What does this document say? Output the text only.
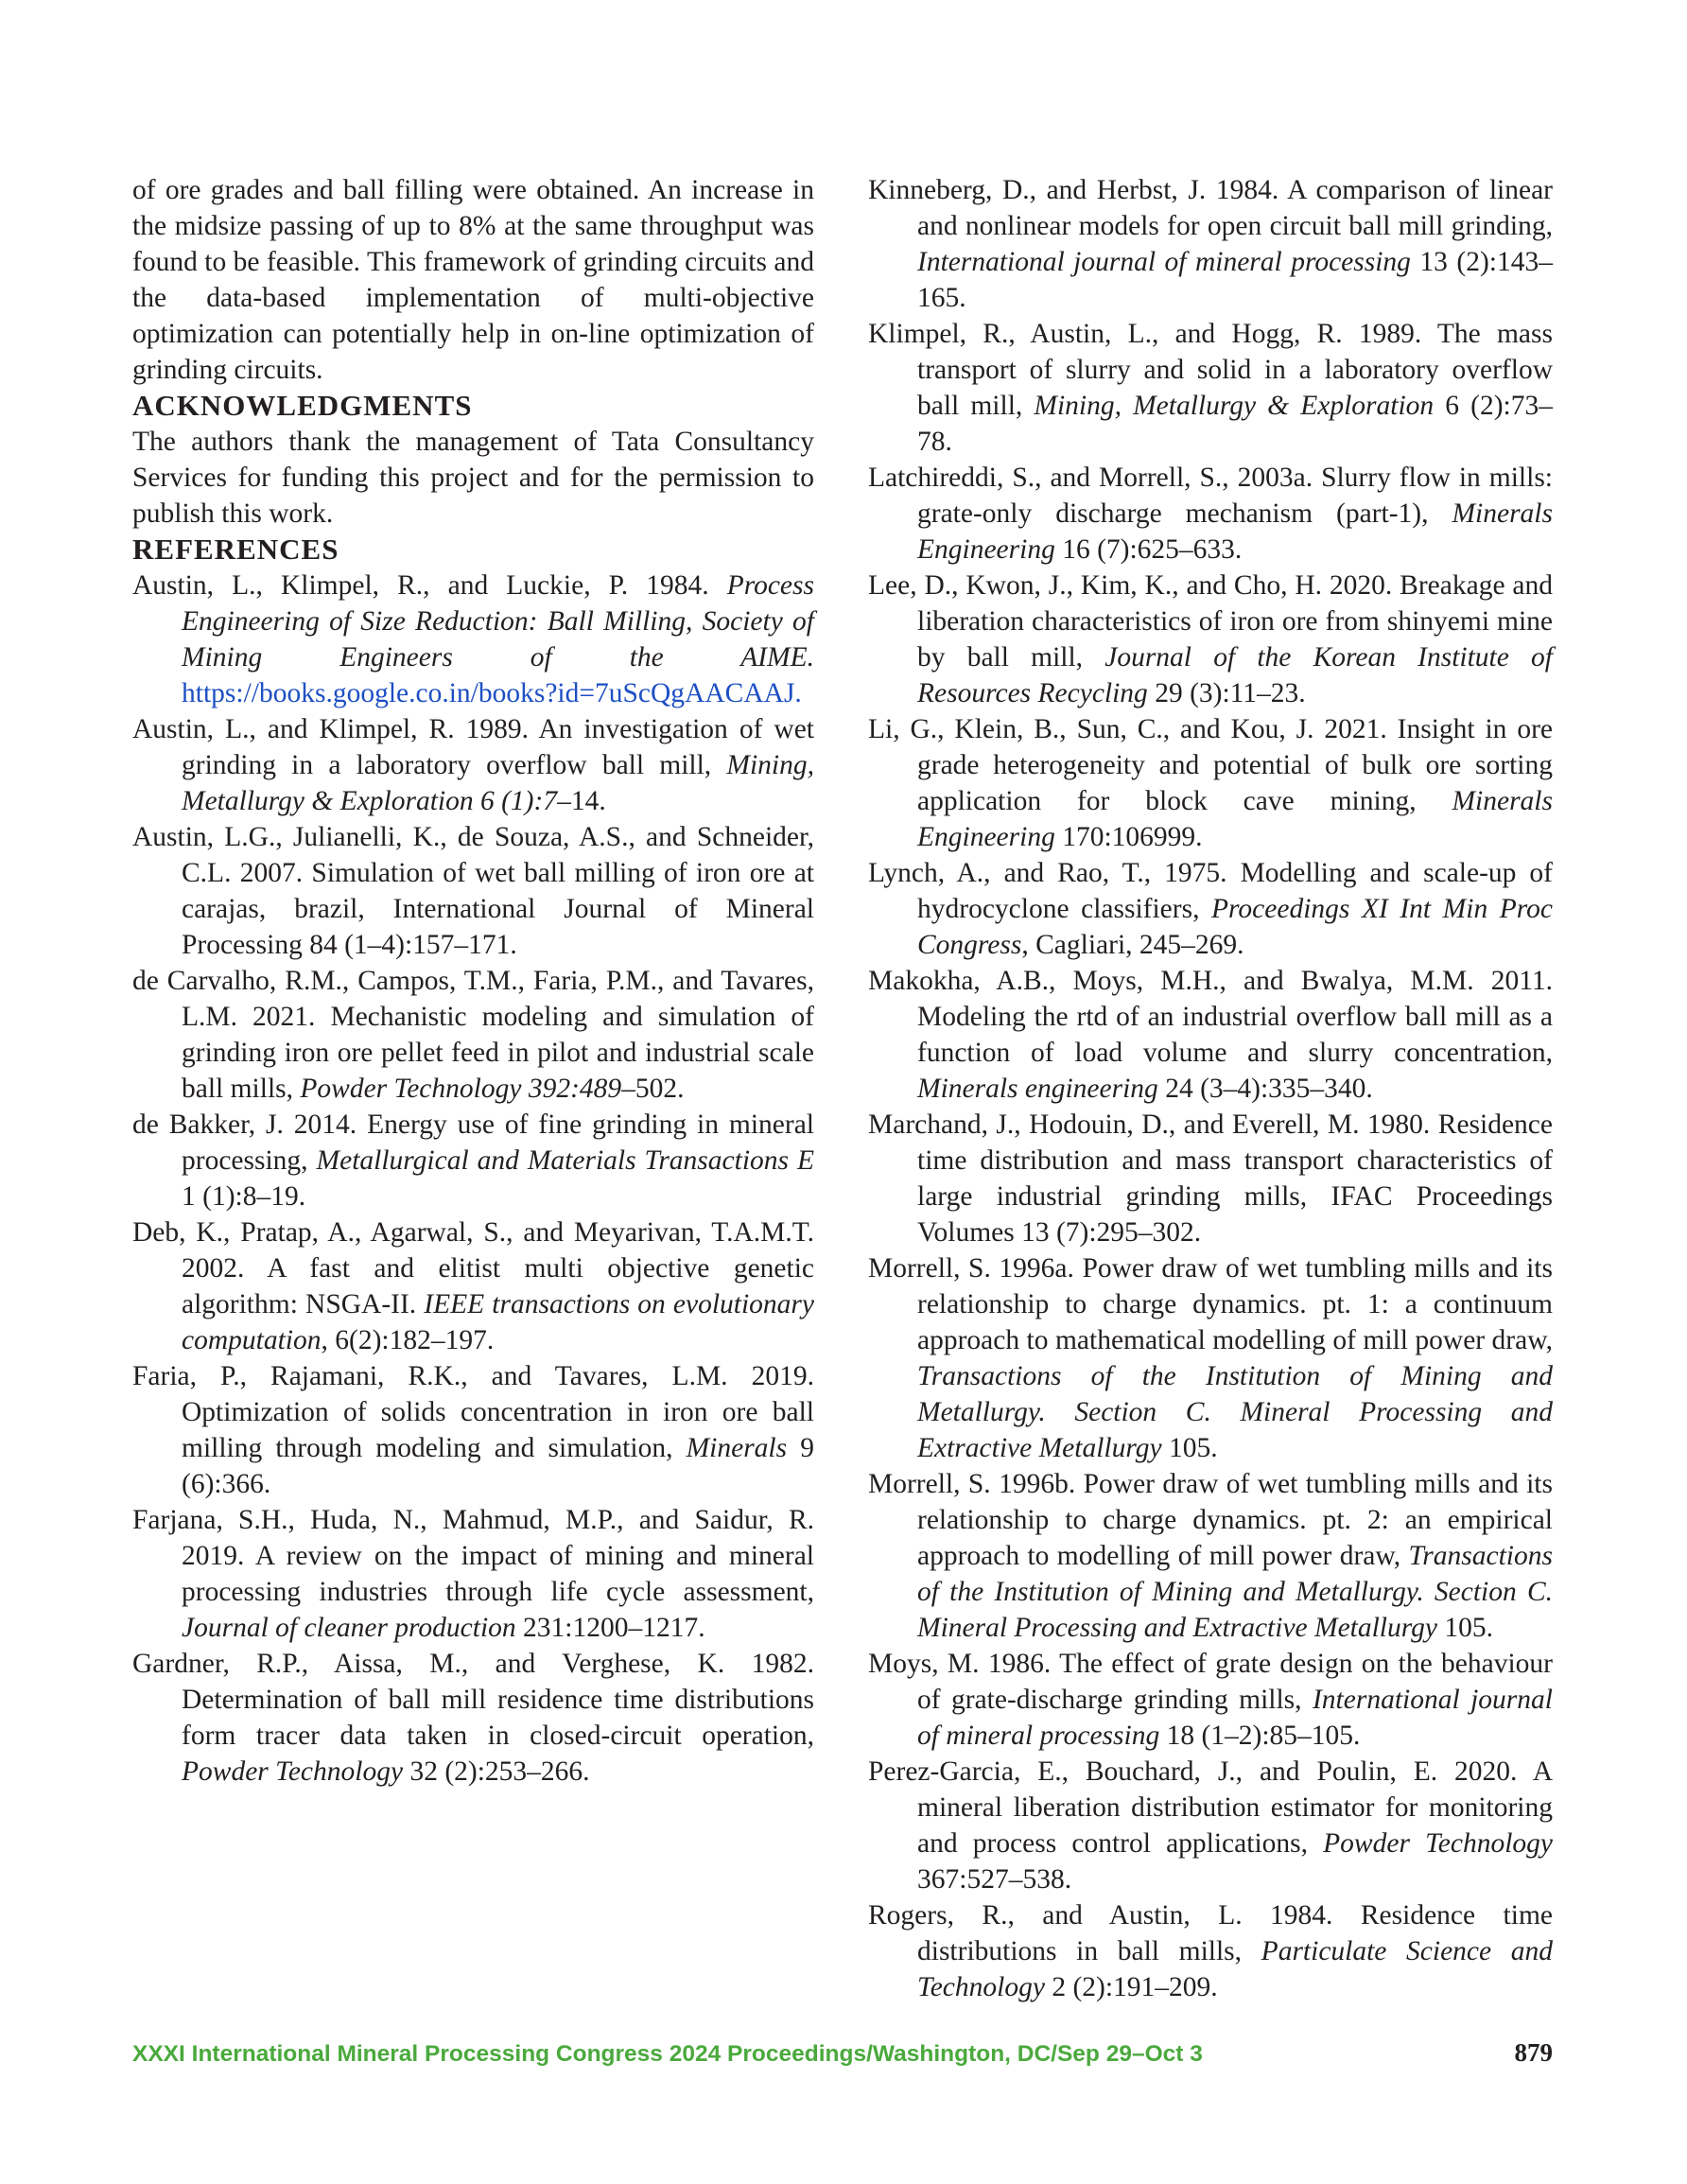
of ore grades and ball filling were obtained. An increase in the midsize passing of up to 8% at the same throughput was found to be feasible. This framework of grinding circuits and the data-based implementation of multi-objective optimization can potentially help in on-line optimization of grinding circuits.

ACKNOWLEDGMENTS

The authors thank the management of Tata Consultancy Services for funding this project and for the permission to publish this work.

REFERENCES

Austin, L., Klimpel, R., and Luckie, P. 1984. Process Engineering of Size Reduction: Ball Milling, Society of Mining Engineers of the AIME. https://books.google.co.in/books?id=7uScQgAACAAJ.

Austin, L., and Klimpel, R. 1989. An investigation of wet grinding in a laboratory overflow ball mill, Mining, Metallurgy & Exploration 6 (1):7–14.

Austin, L.G., Julianelli, K., de Souza, A.S., and Schneider, C.L. 2007. Simulation of wet ball milling of iron ore at carajas, brazil, International Journal of Mineral Processing 84 (1–4):157–171.

de Carvalho, R.M., Campos, T.M., Faria, P.M., and Tavares, L.M. 2021. Mechanistic modeling and simulation of grinding iron ore pellet feed in pilot and industrial scale ball mills, Powder Technology 392:489–502.

de Bakker, J. 2014. Energy use of fine grinding in mineral processing, Metallurgical and Materials Transactions E 1 (1):8–19.

Deb, K., Pratap, A., Agarwal, S., and Meyarivan, T.A.M.T. 2002. A fast and elitist multi objective genetic algorithm: NSGA-II. IEEE transactions on evolutionary computation, 6(2):182–197.

Faria, P., Rajamani, R.K., and Tavares, L.M. 2019. Optimization of solids concentration in iron ore ball milling through modeling and simulation, Minerals 9 (6):366.

Farjana, S.H., Huda, N., Mahmud, M.P., and Saidur, R. 2019. A review on the impact of mining and mineral processing industries through life cycle assessment, Journal of cleaner production 231:1200–1217.

Gardner, R.P., Aissa, M., and Verghese, K. 1982. Determination of ball mill residence time distributions form tracer data taken in closed-circuit operation, Powder Technology 32 (2):253–266.

Kinneberg, D., and Herbst, J. 1984. A comparison of linear and nonlinear models for open circuit ball mill grinding, International journal of mineral processing 13 (2):143–165.

Klimpel, R., Austin, L., and Hogg, R. 1989. The mass transport of slurry and solid in a laboratory overflow ball mill, Mining, Metallurgy & Exploration 6 (2):73–78.

Latchireddi, S., and Morrell, S., 2003a. Slurry flow in mills: grate-only discharge mechanism (part-1), Minerals Engineering 16 (7):625–633.

Lee, D., Kwon, J., Kim, K., and Cho, H. 2020. Breakage and liberation characteristics of iron ore from shinyemi mine by ball mill, Journal of the Korean Institute of Resources Recycling 29 (3):11–23.

Li, G., Klein, B., Sun, C., and Kou, J. 2021. Insight in ore grade heterogeneity and potential of bulk ore sorting application for block cave mining, Minerals Engineering 170:106999.

Lynch, A., and Rao, T., 1975. Modelling and scale-up of hydrocyclone classifiers, Proceedings XI Int Min Proc Congress, Cagliari, 245–269.

Makokha, A.B., Moys, M.H., and Bwalya, M.M. 2011. Modeling the rtd of an industrial overflow ball mill as a function of load volume and slurry concentration, Minerals engineering 24 (3–4):335–340.

Marchand, J., Hodouin, D., and Everell, M. 1980. Residence time distribution and mass transport characteristics of large industrial grinding mills, IFAC Proceedings Volumes 13 (7):295–302.

Morrell, S. 1996a. Power draw of wet tumbling mills and its relationship to charge dynamics. pt. 1: a continuum approach to mathematical modelling of mill power draw, Transactions of the Institution of Mining and Metallurgy. Section C. Mineral Processing and Extractive Metallurgy 105.

Morrell, S. 1996b. Power draw of wet tumbling mills and its relationship to charge dynamics. pt. 2: an empirical approach to modelling of mill power draw, Transactions of the Institution of Mining and Metallurgy. Section C. Mineral Processing and Extractive Metallurgy 105.

Moys, M. 1986. The effect of grate design on the behaviour of grate-discharge grinding mills, International journal of mineral processing 18 (1–2):85–105.

Perez-Garcia, E., Bouchard, J., and Poulin, E. 2020. A mineral liberation distribution estimator for monitoring and process control applications, Powder Technology 367:527–538.

Rogers, R., and Austin, L. 1984. Residence time distributions in ball mills, Particulate Science and Technology 2 (2):191–209.

XXXI International Mineral Processing Congress 2024 Proceedings/Washington, DC/Sep 29–Oct 3	879
